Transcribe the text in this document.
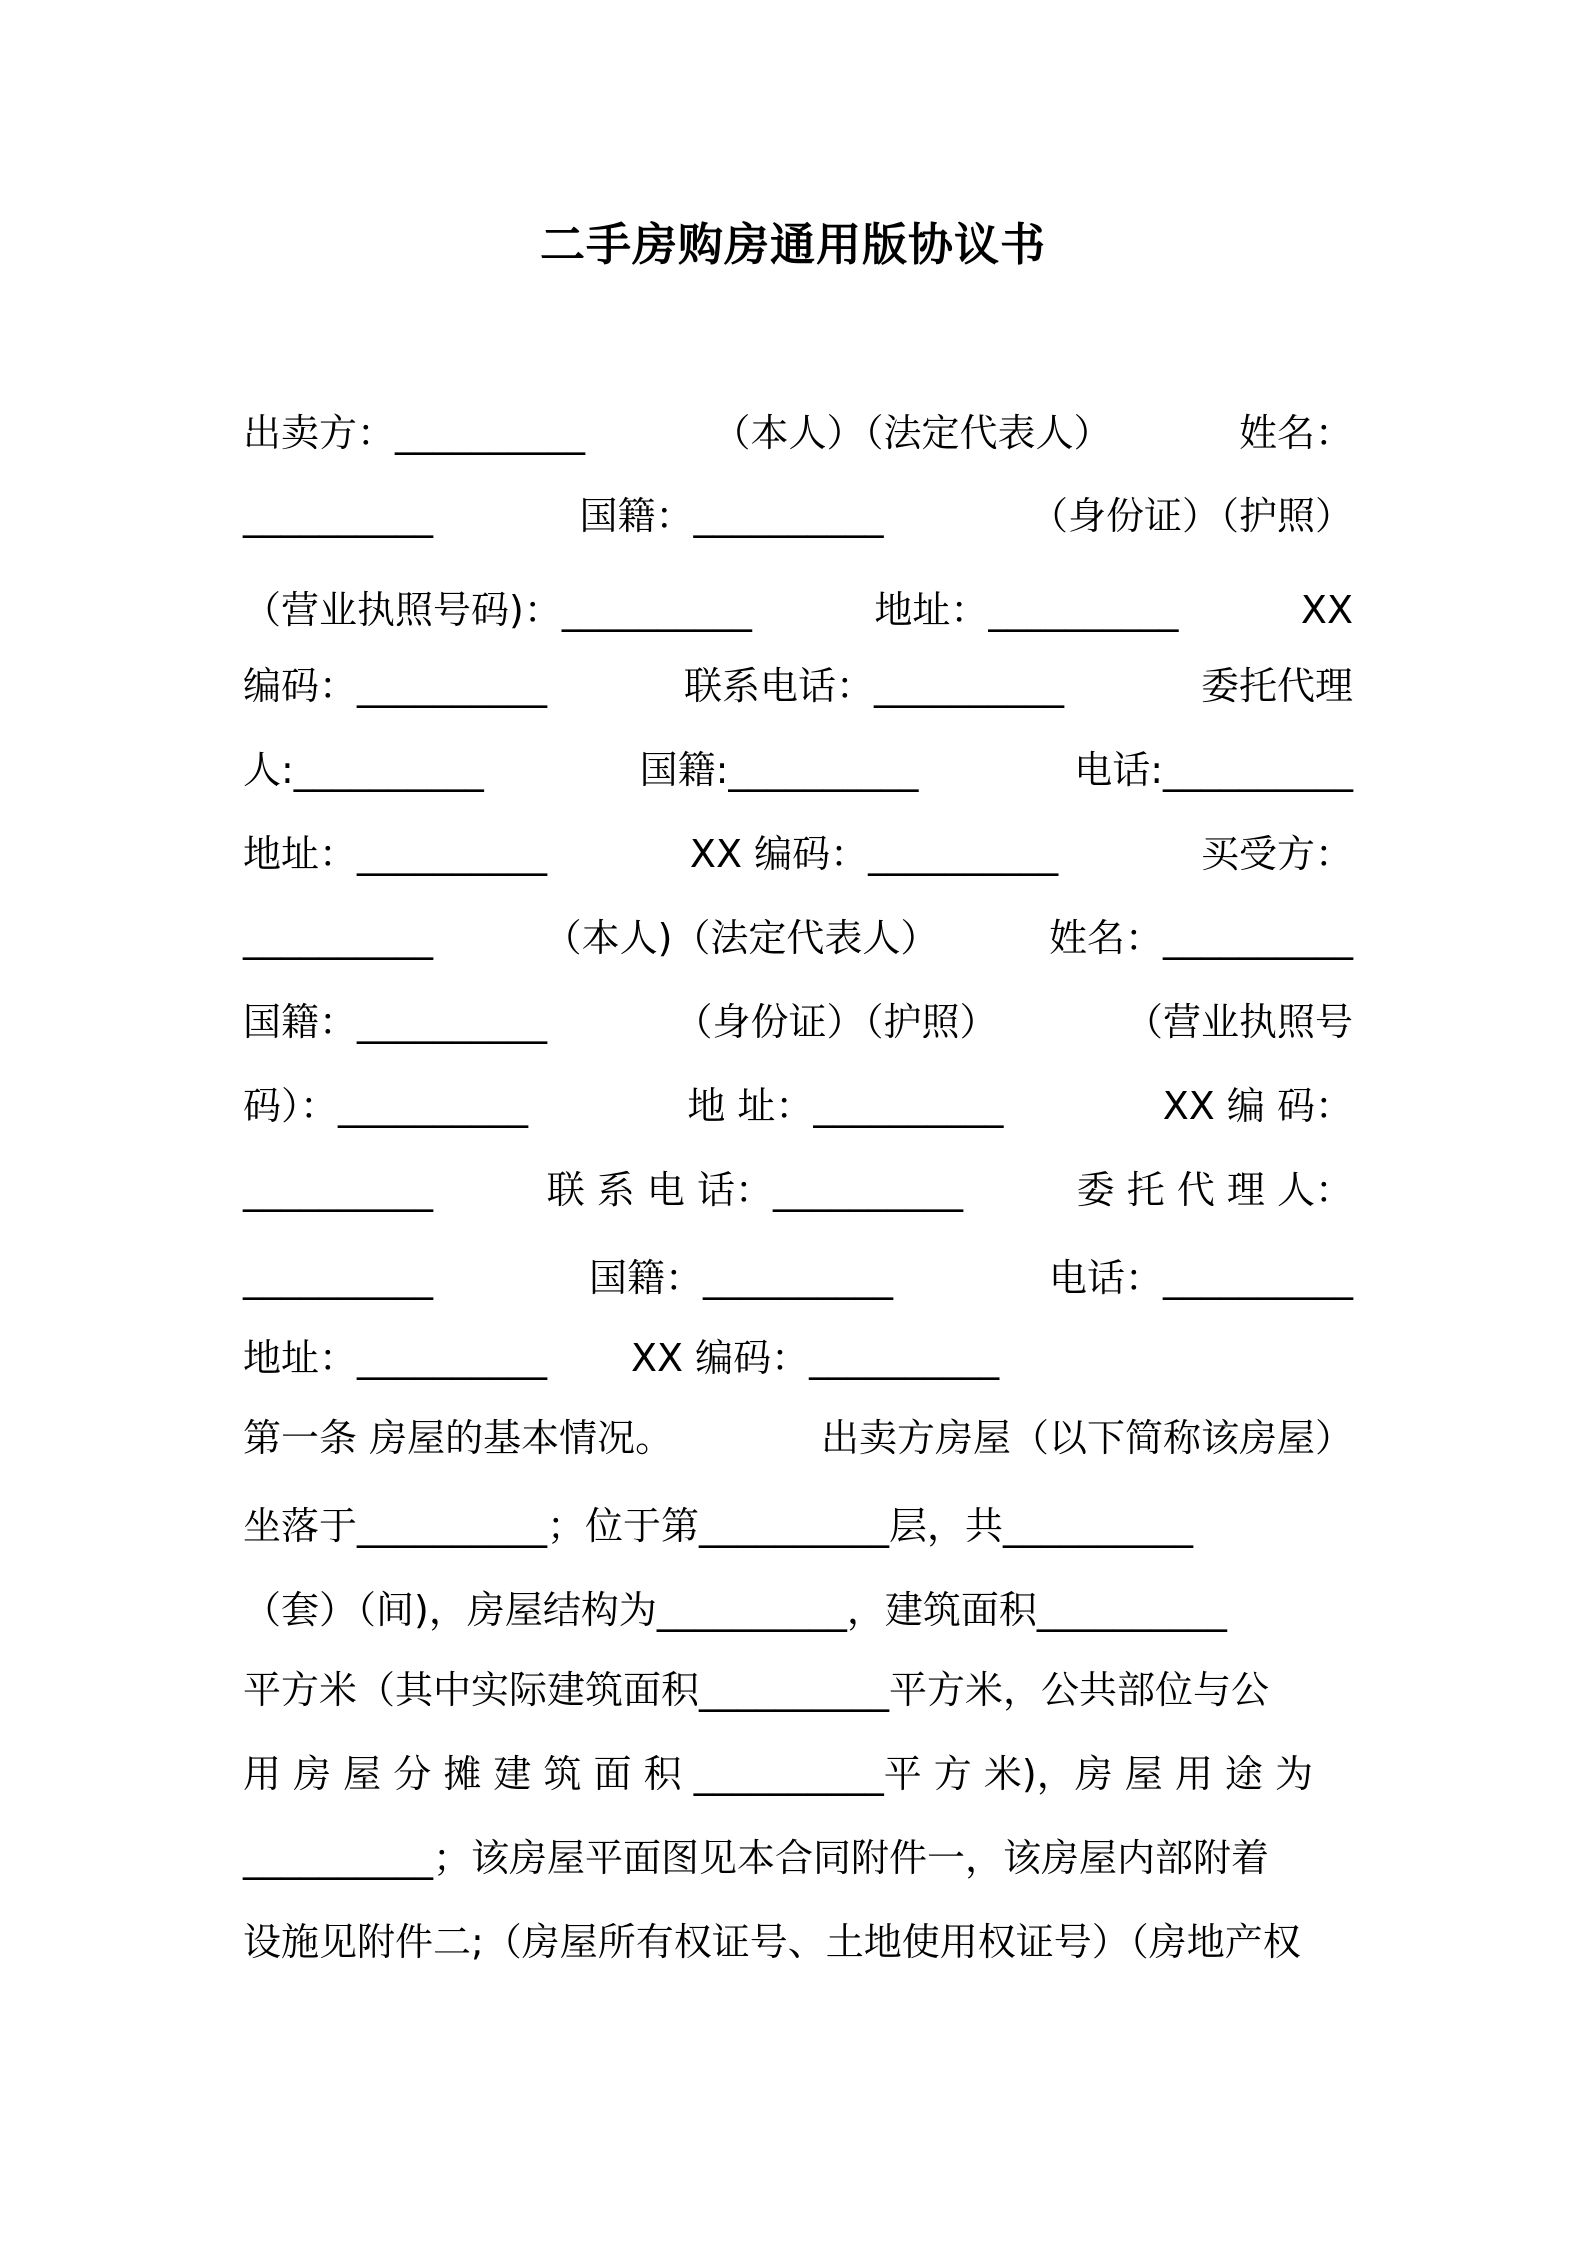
二手房购房通用版协议书
出卖方：__________	（本人）（法定代表人）	姓名：
__________	国籍：__________	（身份证）（护照）
（营业执照号码)：__________	地址：__________	XX
编码：__________	联系电话：__________	委托代理
人:__________	国籍:__________	电话:__________
地址：__________	XX 编码：__________	买受方：
__________	（本人)（法定代表人）	姓名：__________
国籍：__________	（身份证）（护照）	（营业执照号
码）：__________	地 址：__________	XX 编 码：
__________	联 系 电 话：__________	委 托 代 理 人：
__________	国籍：__________	电话：__________
地址：__________ XX 编码：__________
第一条 房屋的基本情况。	出卖方房屋（以下简称该房屋）
坐落于__________；位于第__________层，共__________
（套）（间)，房屋结构为__________，建筑面积__________
平方米（其中实际建筑面积__________平方米，公共部位与公
用 房 屋 分 摊 建 筑 面 积 __________平 方 米)，房 屋 用 途 为
__________；该房屋平面图见本合同附件一，该房屋内部附着
设施见附件二;（房屋所有权证号、土地使用权证号）（房地产权
